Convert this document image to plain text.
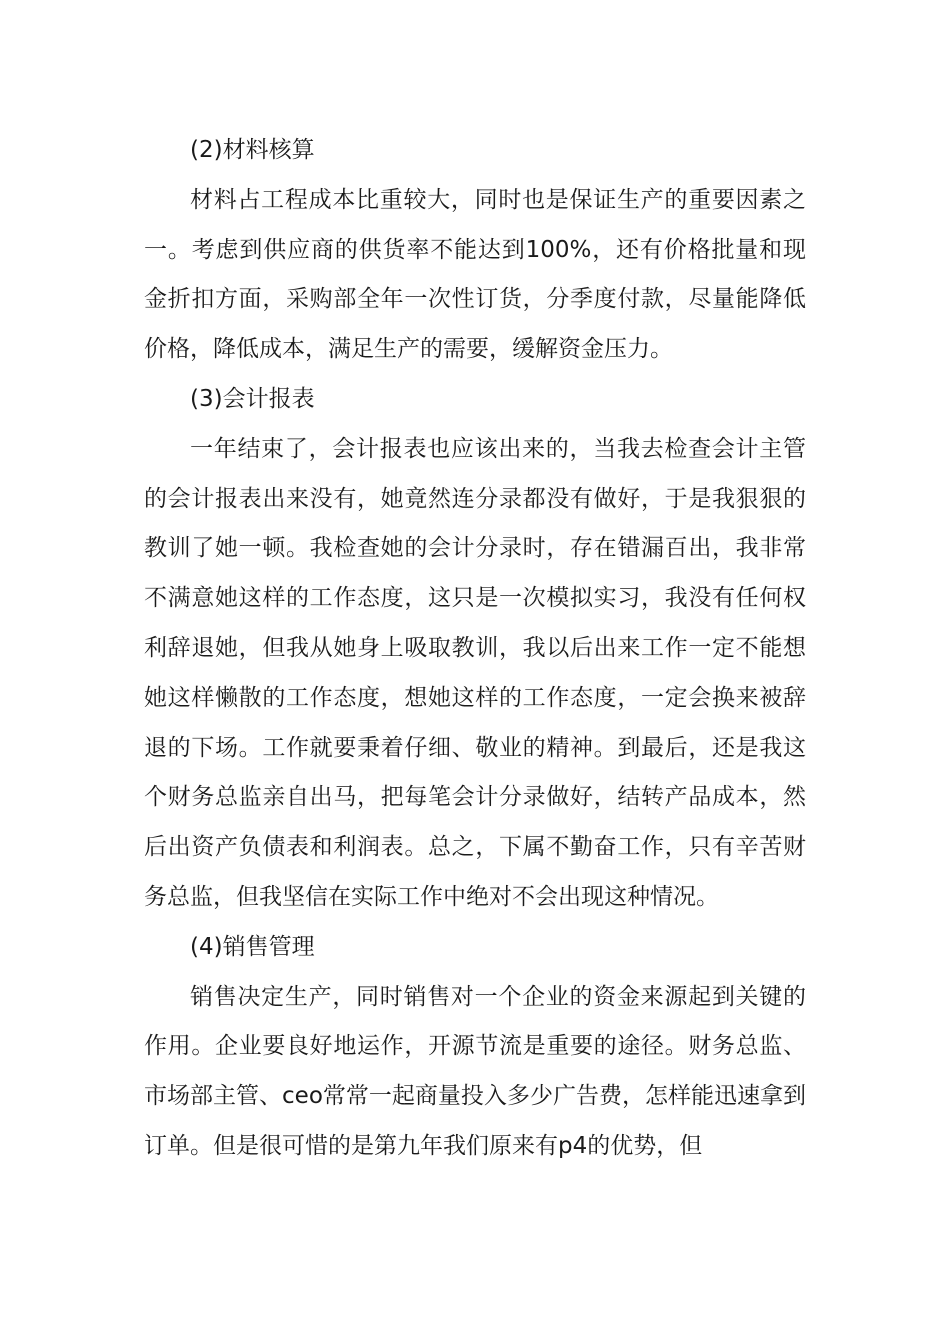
(2)材料核算

材料占工程成本比重较大，同时也是保证生产的重要因素之一。考虑到供应商的供货率不能达到100%，还有价格批量和现金折扣方面，采购部全年一次性订货，分季度付款，尽量能降低价格，降低成本，满足生产的需要，缓解资金压力。

(3)会计报表

一年结束了，会计报表也应该出来的，当我去检查会计主管的会计报表出来没有，她竟然连分录都没有做好，于是我狠狠的教训了她一顿。我检查她的会计分录时，存在错漏百出，我非常不满意她这样的工作态度，这只是一次模拟实习，我没有任何权利辞退她，但我从她身上吸取教训，我以后出来工作一定不能想她这样懒散的工作态度，想她这样的工作态度，一定会换来被辞退的下场。工作就要秉着仔细、敬业的精神。到最后，还是我这个财务总监亲自出马，把每笔会计分录做好，结转产品成本，然后出资产负债表和利润表。总之，下属不勤奋工作，只有辛苦财务总监，但我坚信在实际工作中绝对不会出现这种情况。

(4)销售管理

销售决定生产，同时销售对一个企业的资金来源起到关键的作用。企业要良好地运作，开源节流是重要的途径。财务总监、市场部主管、ceo常常一起商量投入多少广告费，怎样能迅速拿到订单。但是很可惜的是第九年我们原来有p4的优势，但
